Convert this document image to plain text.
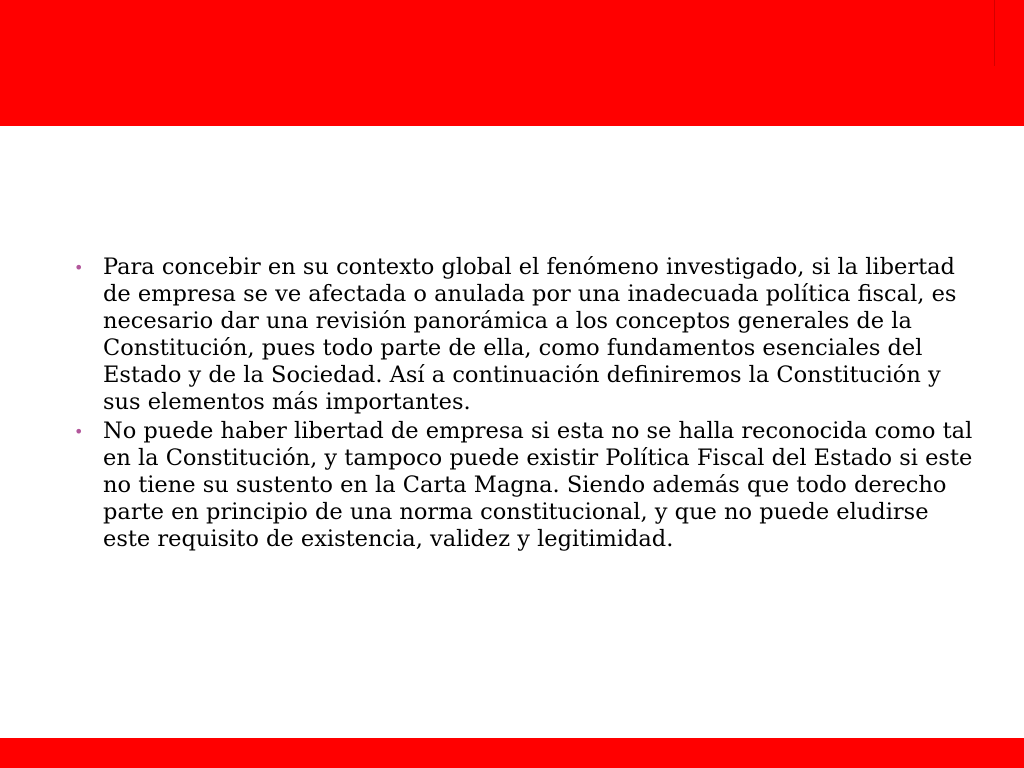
• Para concebir en su contexto global el fenómeno investigado, si la libertad de empresa se ve afectada o anulada por una inadecuada política fiscal, es necesario dar una revisión panorámica a los conceptos generales de la Constitución, pues todo parte de ella, como fundamentos esenciales del Estado y de la Sociedad. Así a continuación definiremos la Constitución y sus elementos más importantes.
• No puede haber libertad de empresa si esta no se halla reconocida como tal en la Constitución, y tampoco puede existir Política Fiscal del Estado si este no tiene su sustento en la Carta Magna. Siendo además que todo derecho parte en principio de una norma constitucional, y que no puede eludirse este requisito de existencia, validez y legitimidad.
